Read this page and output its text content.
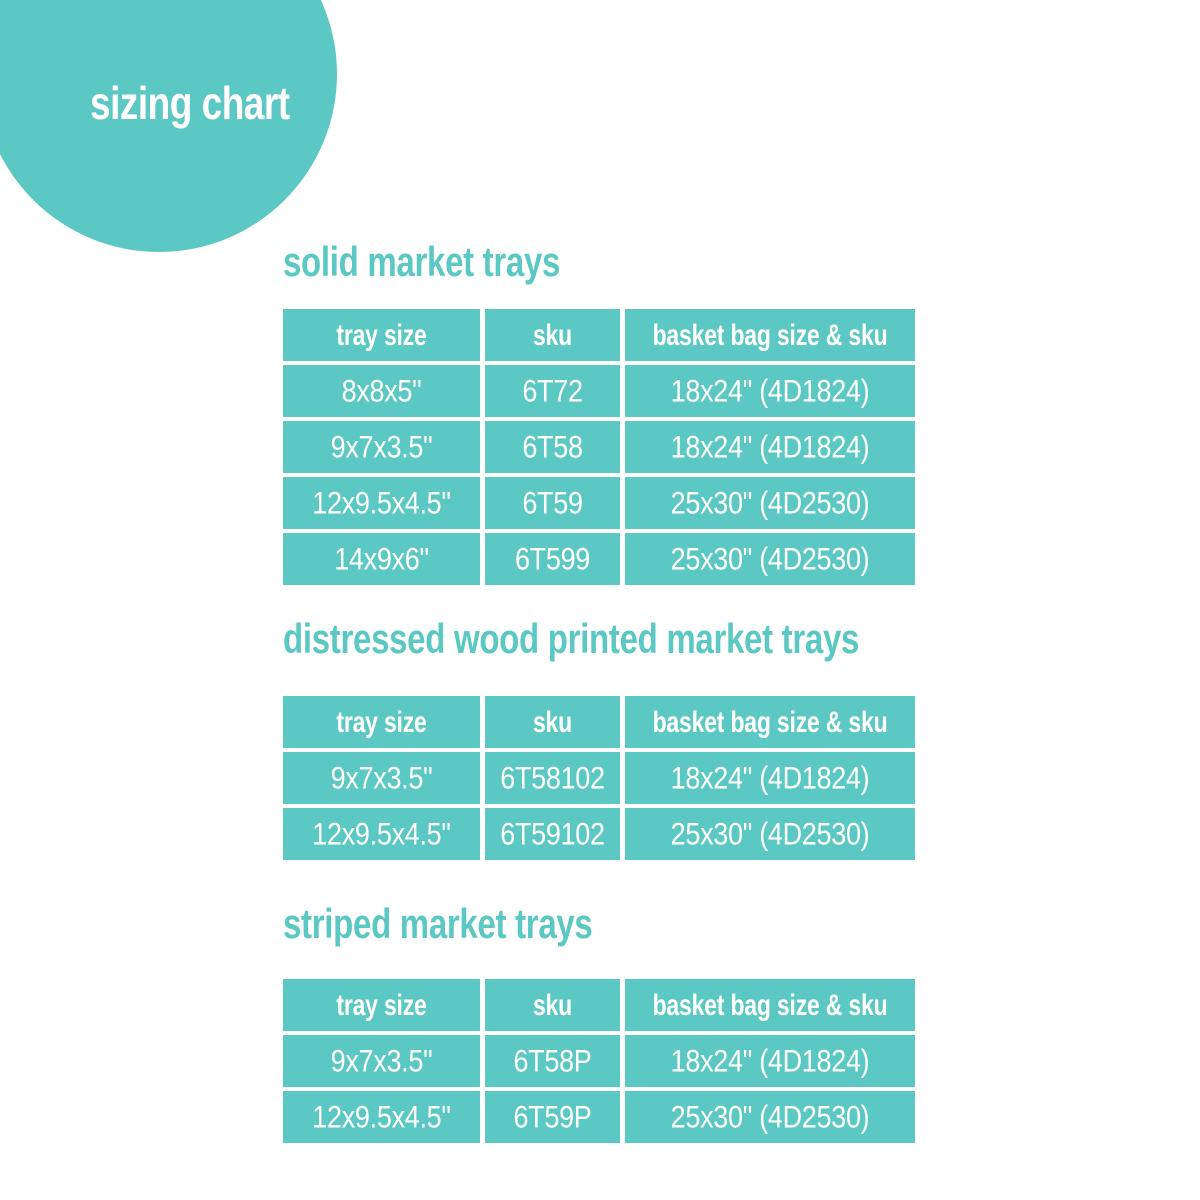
sizing chart
solid market trays
tray size	sku	basket bag size & sku
8x8x5"	6T72	18x24" (4D1824)
9x7x3.5"	6T58	18x24" (4D1824)
12x9.5x4.5"	6T59	25x30" (4D2530)
14x9x6"	6T599	25x30" (4D2530)
distressed wood printed market trays
tray size	sku	basket bag size & sku
9x7x3.5"	6T58102 18x24" (4D1824)
12x9.5x4.5" 6T59102 25x30" (4D2530)
striped market trays
tray size	sku	basket bag size & sku
9x7x3.5"	6T58P	18x24" (4D1824)
12x9.5x4.5" 6T59P	25x30" (4D2530)
